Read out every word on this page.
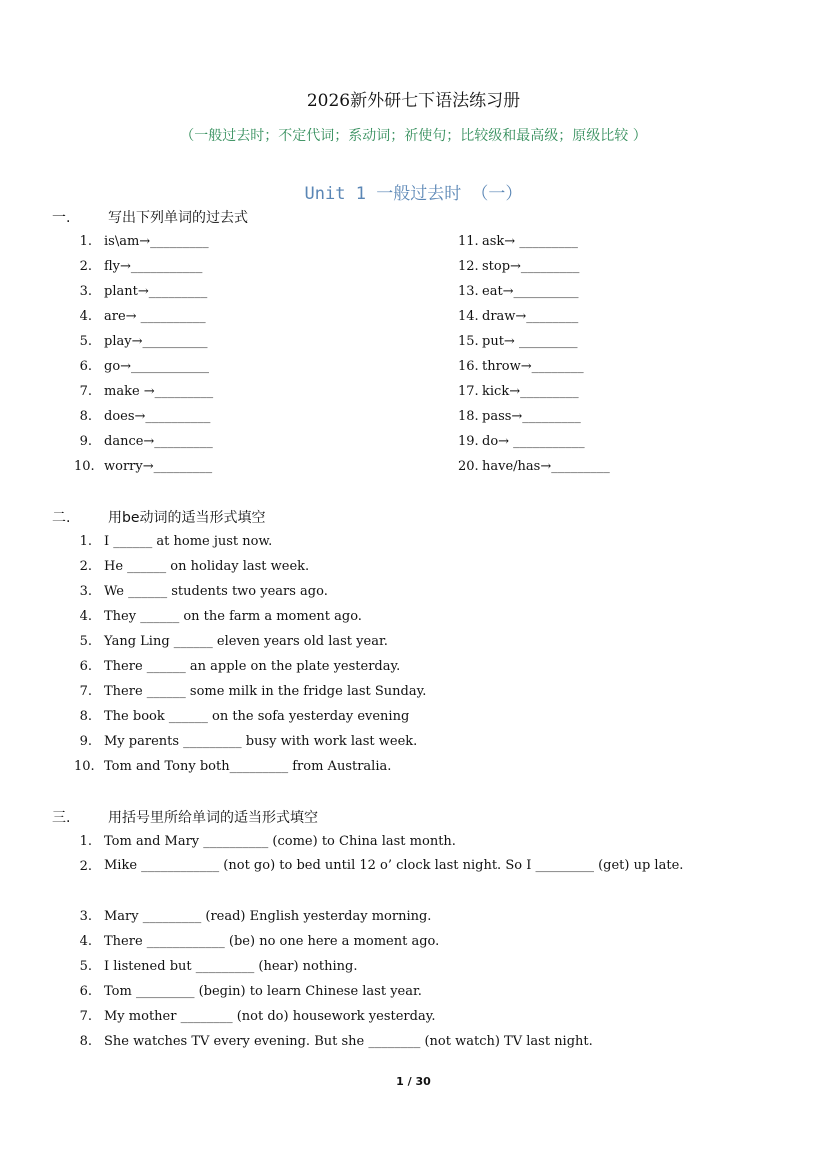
2026新外研七下语法练习册
（一般过去时；不定代词；系动词；祈使句；比较级和最高级；原级比较 ）
Unit 1 一般过去时 （一）
一.	写出下列单词的过去式
1. is\am→_________
2. fly→___________
3. plant→_________
4. are→ __________
5. play→__________
6. go→____________
7. make →_________
8. does→__________
9. dance→_________
10. worry→_________
11. ask→ _________
12. stop→_________
13. eat→__________
14. draw→________
15. put→ _________
16. throw→________
17. kick→_________
18. pass→_________
19. do→ ___________
20. have/has→_________
二.	用be动词的适当形式填空
1. I ______ at home just now.
2. He ______ on holiday last week.
3. We ______ students two years ago.
4. They ______ on the farm a moment ago.
5. Yang Ling ______ eleven years old last year.
6. There ______ an apple on the plate yesterday.
7. There ______ some milk in the fridge last Sunday.
8. The book ______ on the sofa yesterday evening
9. My parents _________ busy with work last week.
10. Tom and Tony both_________ from Australia.
三.	用括号里所给单词的适当形式填空
1. Tom and Mary __________ (come) to China last month.
2. Mike ____________ (not go) to bed until 12 o’ clock last night. So I _________ (get) up late.
3. Mary _________ (read) English yesterday morning.
4. There ____________ (be) no one here a moment ago.
5. I listened but _________ (hear) nothing.
6. Tom _________ (begin) to learn Chinese last year.
7. My mother ________ (not do) housework yesterday.
8. She watches TV every evening. But she ________ (not watch) TV last night.
1 / 30
